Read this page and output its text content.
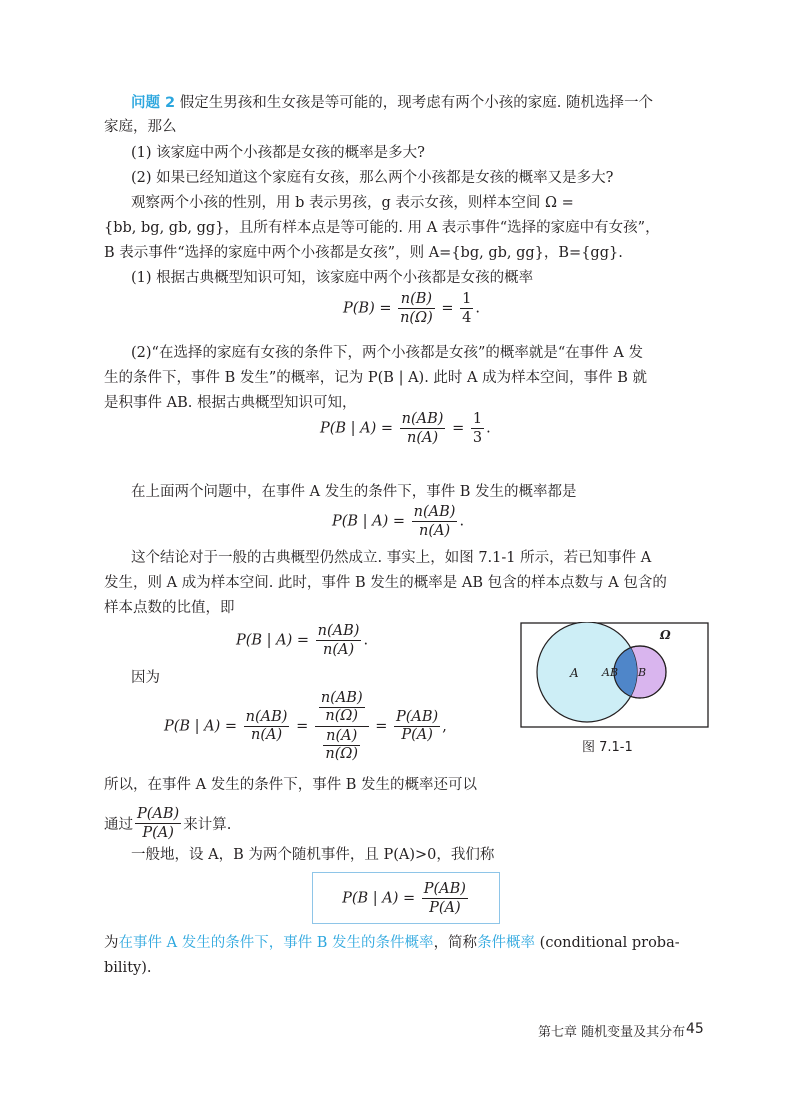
问题 2 假定生男孩和生女孩是等可能的，现考虑有两个小孩的家庭. 随机选择一个
家庭，那么
(1) 该家庭中两个小孩都是女孩的概率是多大?
(2) 如果已经知道这个家庭有女孩，那么两个小孩都是女孩的概率又是多大?
观察两个小孩的性别，用 b 表示男孩，g 表示女孩，则样本空间 Ω =
{bb, bg, gb, gg}，且所有样本点是等可能的. 用 A 表示事件“选择的家庭中有女孩”，
B 表示事件“选择的家庭中两个小孩都是女孩”，则 A={bg, gb, gg}，B={gg}.
(1) 根据古典概型知识可知，该家庭中两个小孩都是女孩的概率
$P(B) = \frac{n(B)}{n(\Omega)} = \frac{1}{4}$ .
(2)“在选择的家庭有女孩的条件下，两个小孩都是女孩”的概率就是“在事件 A 发
生的条件下，事件 B 发生”的概率，记为 P(B | A). 此时 A 成为样本空间，事件 B 就
是积事件 AB. 根据古典概型知识可知，
P(B | $A) = \frac{n(AB)}{n(A)} = \frac{1}{3}$ .
在上面两个问题中，在事件 A 发生的条件下，事件 B 发生的概率都是
P(B | $A) = \frac{n(AB)}{n(A)}$ .
这个结论对于一般的古典概型仍然成立. 事实上，如图 7.1-1 所示，若已知事件 A
发生，则 A 成为样本空间. 此时，事件 B 发生的概率是 AB 包含的样本点数与 A 包含的
样本点数的比值，即
P(B | $A) = \frac{n(AB)}{n(A)}$ .
因为
P(B | $A) = \frac{n(AB)}{n(A)} = \frac{\frac{n(AB)}{n(\Omega)}}{\frac{n(A)}{n(\Omega)}} = \frac{P(AB)}{P(A)}$ ,
Ω
A AB B
图 7.1-1
所以，在事件 A 发生的条件下，事件 B 发生的概率还可以
通过 $\frac{P(AB)}{P(A)}$ 来计算.
一般地，设 A，B 为两个随机事件，且 P(A)>0，我们称
P(B | $A) = \frac{P(AB)}{P(A)}$
为在事件 A 发生的条件下，事件 B 发生的条件概率，简称条件概率 (conditional proba-
bility).
第七章 随机变量及其分布 45
